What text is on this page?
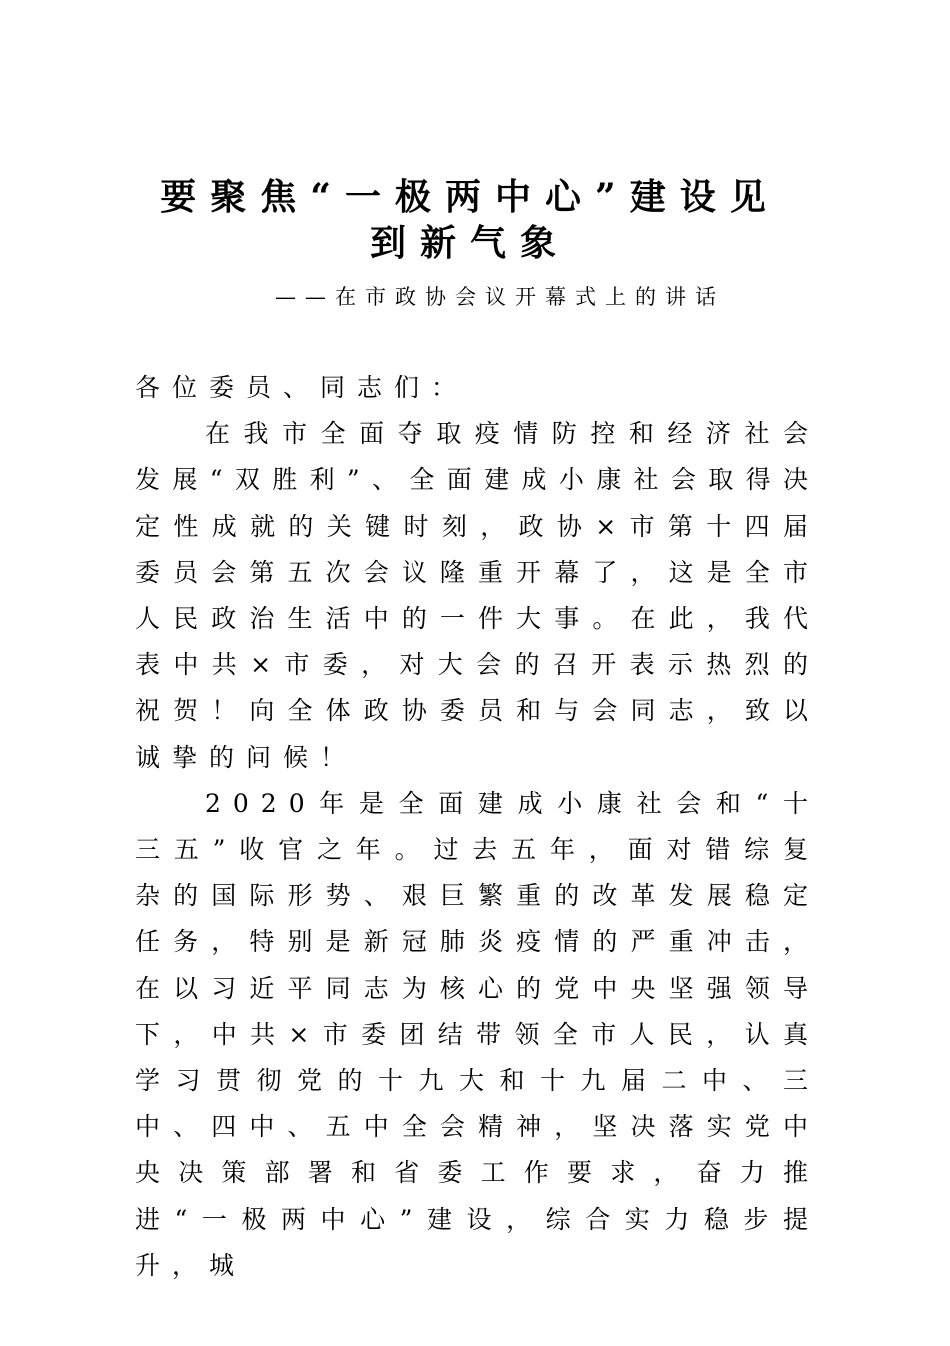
要聚焦“一极两中心”建设见
到新气象
——在市政协会议开幕式上的讲话

各位委员、同志们：

在我市全面夺取疫情防控和经济社会发展“双胜利”、全面建成小康社会取得决定性成就的关键时刻，政协×市第十四届委员会第五次会议隆重开幕了，这是全市人民政治生活中的一件大事。在此，我代表中共×市委，对大会的召开表示热烈的祝贺！向全体政协委员和与会同志，致以诚挚的问候！

2020年是全面建成小康社会和“十三五”收官之年。过去五年，面对错综复杂的国际形势、艰巨繁重的改革发展稳定任务，特别是新冠肺炎疫情的严重冲击，在以习近平同志为核心的党中央坚强领导下，中共×市委团结带领全市人民，认真学习贯彻党的十九大和十九届二中、三中、四中、五中全会精神，坚决落实党中央决策部署和省委工作要求，奋力推进“一极两中心”建设，综合实力稳步提升，城
